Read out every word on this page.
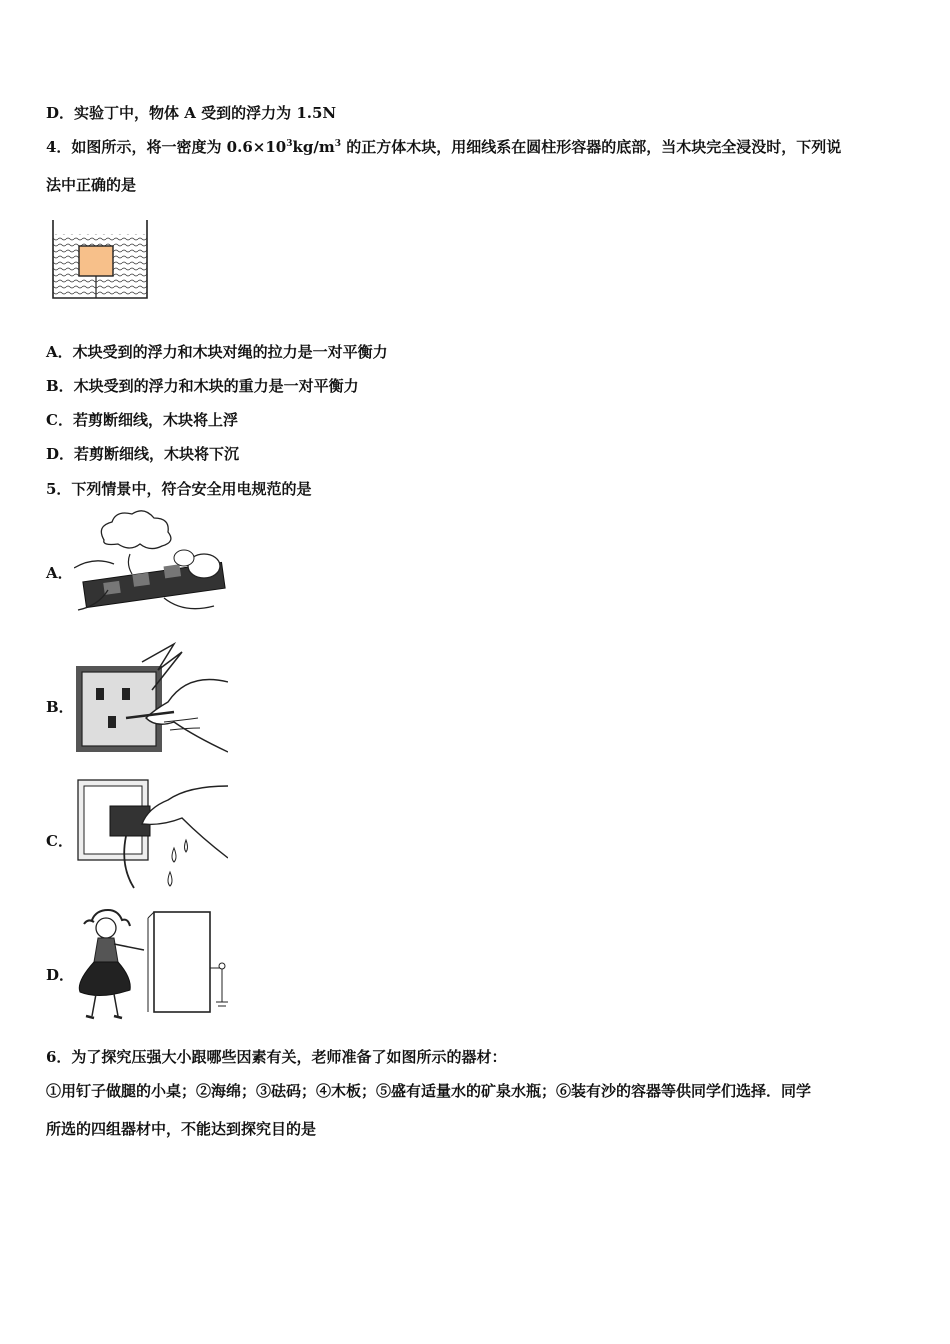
D．实验丁中，物体 A 受到的浮力为 1.5N
4．如图所示，将一密度为 $0.6\times 10^3kg/m^3$ 的正方体木块，用细线系在圆柱形容器的底部，当木块完全浸没时，下列说
法中正确的是
A．木块受到的浮力和木块对绳的拉力是一对平衡力
B．木块受到的浮力和木块的重力是一对平衡力
C．若剪断细线，木块将上浮
D．若剪断细线，木块将下沉
5．下列情景中，符合安全用电规范的是
A．
B．
C．
D．
6．为了探究压强大小跟哪些因素有关，老师准备了如图所示的器材：
①用钉子做腿的小桌；②海绵；③砝码；④木板；⑤盛有适量水的矿泉水瓶；⑥装有沙的容器等供同学们选择．同学
所选的四组器材中，不能达到探究目的是
